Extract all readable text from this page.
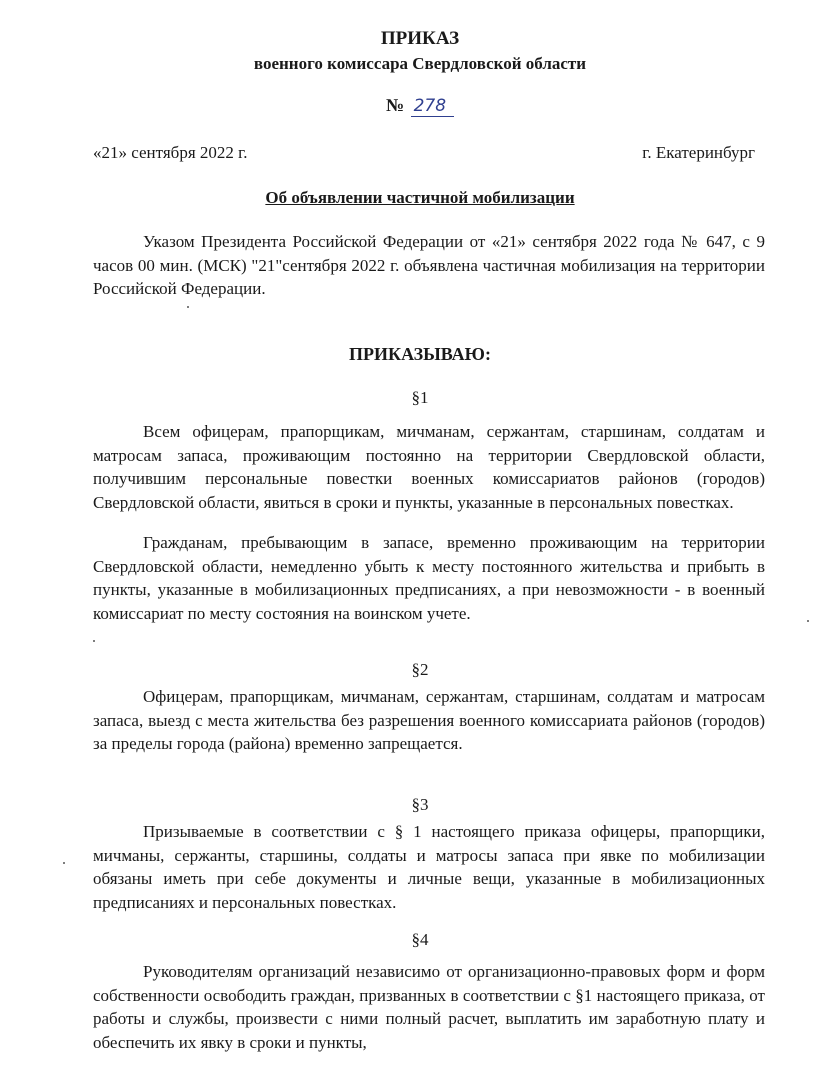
ПРИКАЗ
военного комиссара Свердловской области
№ 278
«21» сентября 2022 г.	г. Екатеринбург
Об объявлении частичной мобилизации

Указом Президента Российской Федерации от «21» сентября 2022 года № 647, с 9 часов 00 мин. (МСК) "21"сентября 2022 г. объявлена частичная мобилизация на территории Российской Федерации.

ПРИКАЗЫВАЮ:
§1

Всем офицерам, прапорщикам, мичманам, сержантам, старшинам, солдатам и матросам запаса, проживающим постоянно на территории Свердловской области, получившим персональные повестки военных комиссариатов районов (городов) Свердловской области, явиться в сроки и пункты, указанные в персональных повестках.

Гражданам, пребывающим в запасе, временно проживающим на территории Свердловской области, немедленно убыть к месту постоянного жительства и прибыть в пункты, указанные в мобилизационных предписаниях, а при невозможности - в военный комиссариат по месту состояния на воинском учете.

§2

Офицерам, прапорщикам, мичманам, сержантам, старшинам, солдатам и матросам запаса, выезд с места жительства без разрешения военного комиссариата районов (городов) за пределы города (района) временно запрещается.

§3

Призываемые в соответствии с § 1 настоящего приказа офицеры, прапорщики, мичманы, сержанты, старшины, солдаты и матросы запаса при явке по мобилизации обязаны иметь при себе документы и личные вещи, указанные в мобилизационных предписаниях и персональных повестках.

§4

Руководителям организаций независимо от организационно-правовых форм и форм собственности освободить граждан, призванных в соответствии с §1 настоящего приказа, от работы и службы, произвести с ними полный расчет, выплатить им заработную плату и обеспечить их явку в сроки и пункты,
